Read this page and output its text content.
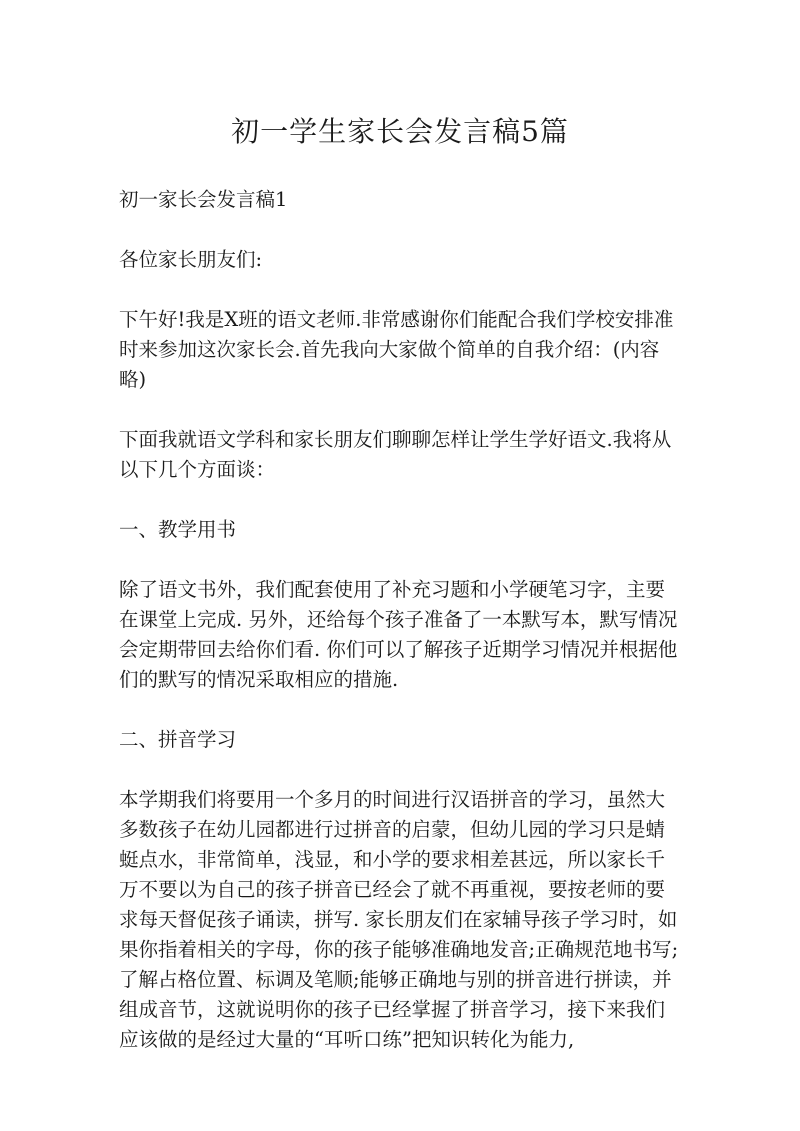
初一学生家长会发言稿5篇

初一家长会发言稿1

各位家长朋友们:

下午好!我是X班的语文老师.非常感谢你们能配合我们学校安排准时来参加这次家长会.首先我向大家做个简单的自我介绍：(内容略)

下面我就语文学科和家长朋友们聊聊怎样让学生学好语文.我将从以下几个方面谈：

一、教学用书

除了语文书外，我们配套使用了补充习题和小学硬笔习字，主要在课堂上完成. 另外，还给每个孩子准备了一本默写本，默写情况会定期带回去给你们看. 你们可以了解孩子近期学习情况并根据他们的默写的情况采取相应的措施.

二、拼音学习

本学期我们将要用一个多月的时间进行汉语拼音的学习，虽然大多数孩子在幼儿园都进行过拼音的启蒙，但幼儿园的学习只是蜻蜓点水，非常简单，浅显，和小学的要求相差甚远，所以家长千万不要以为自己的孩子拼音已经会了就不再重视，要按老师的要求每天督促孩子诵读，拼写. 家长朋友们在家辅导孩子学习时，如果你指着相关的字母，你的孩子能够准确地发音;正确规范地书写;了解占格位置、标调及笔顺;能够正确地与别的拼音进行拼读，并组成音节，这就说明你的孩子已经掌握了拼音学习，接下来我们应该做的是经过大量的“耳听口练”把知识转化为能力,
